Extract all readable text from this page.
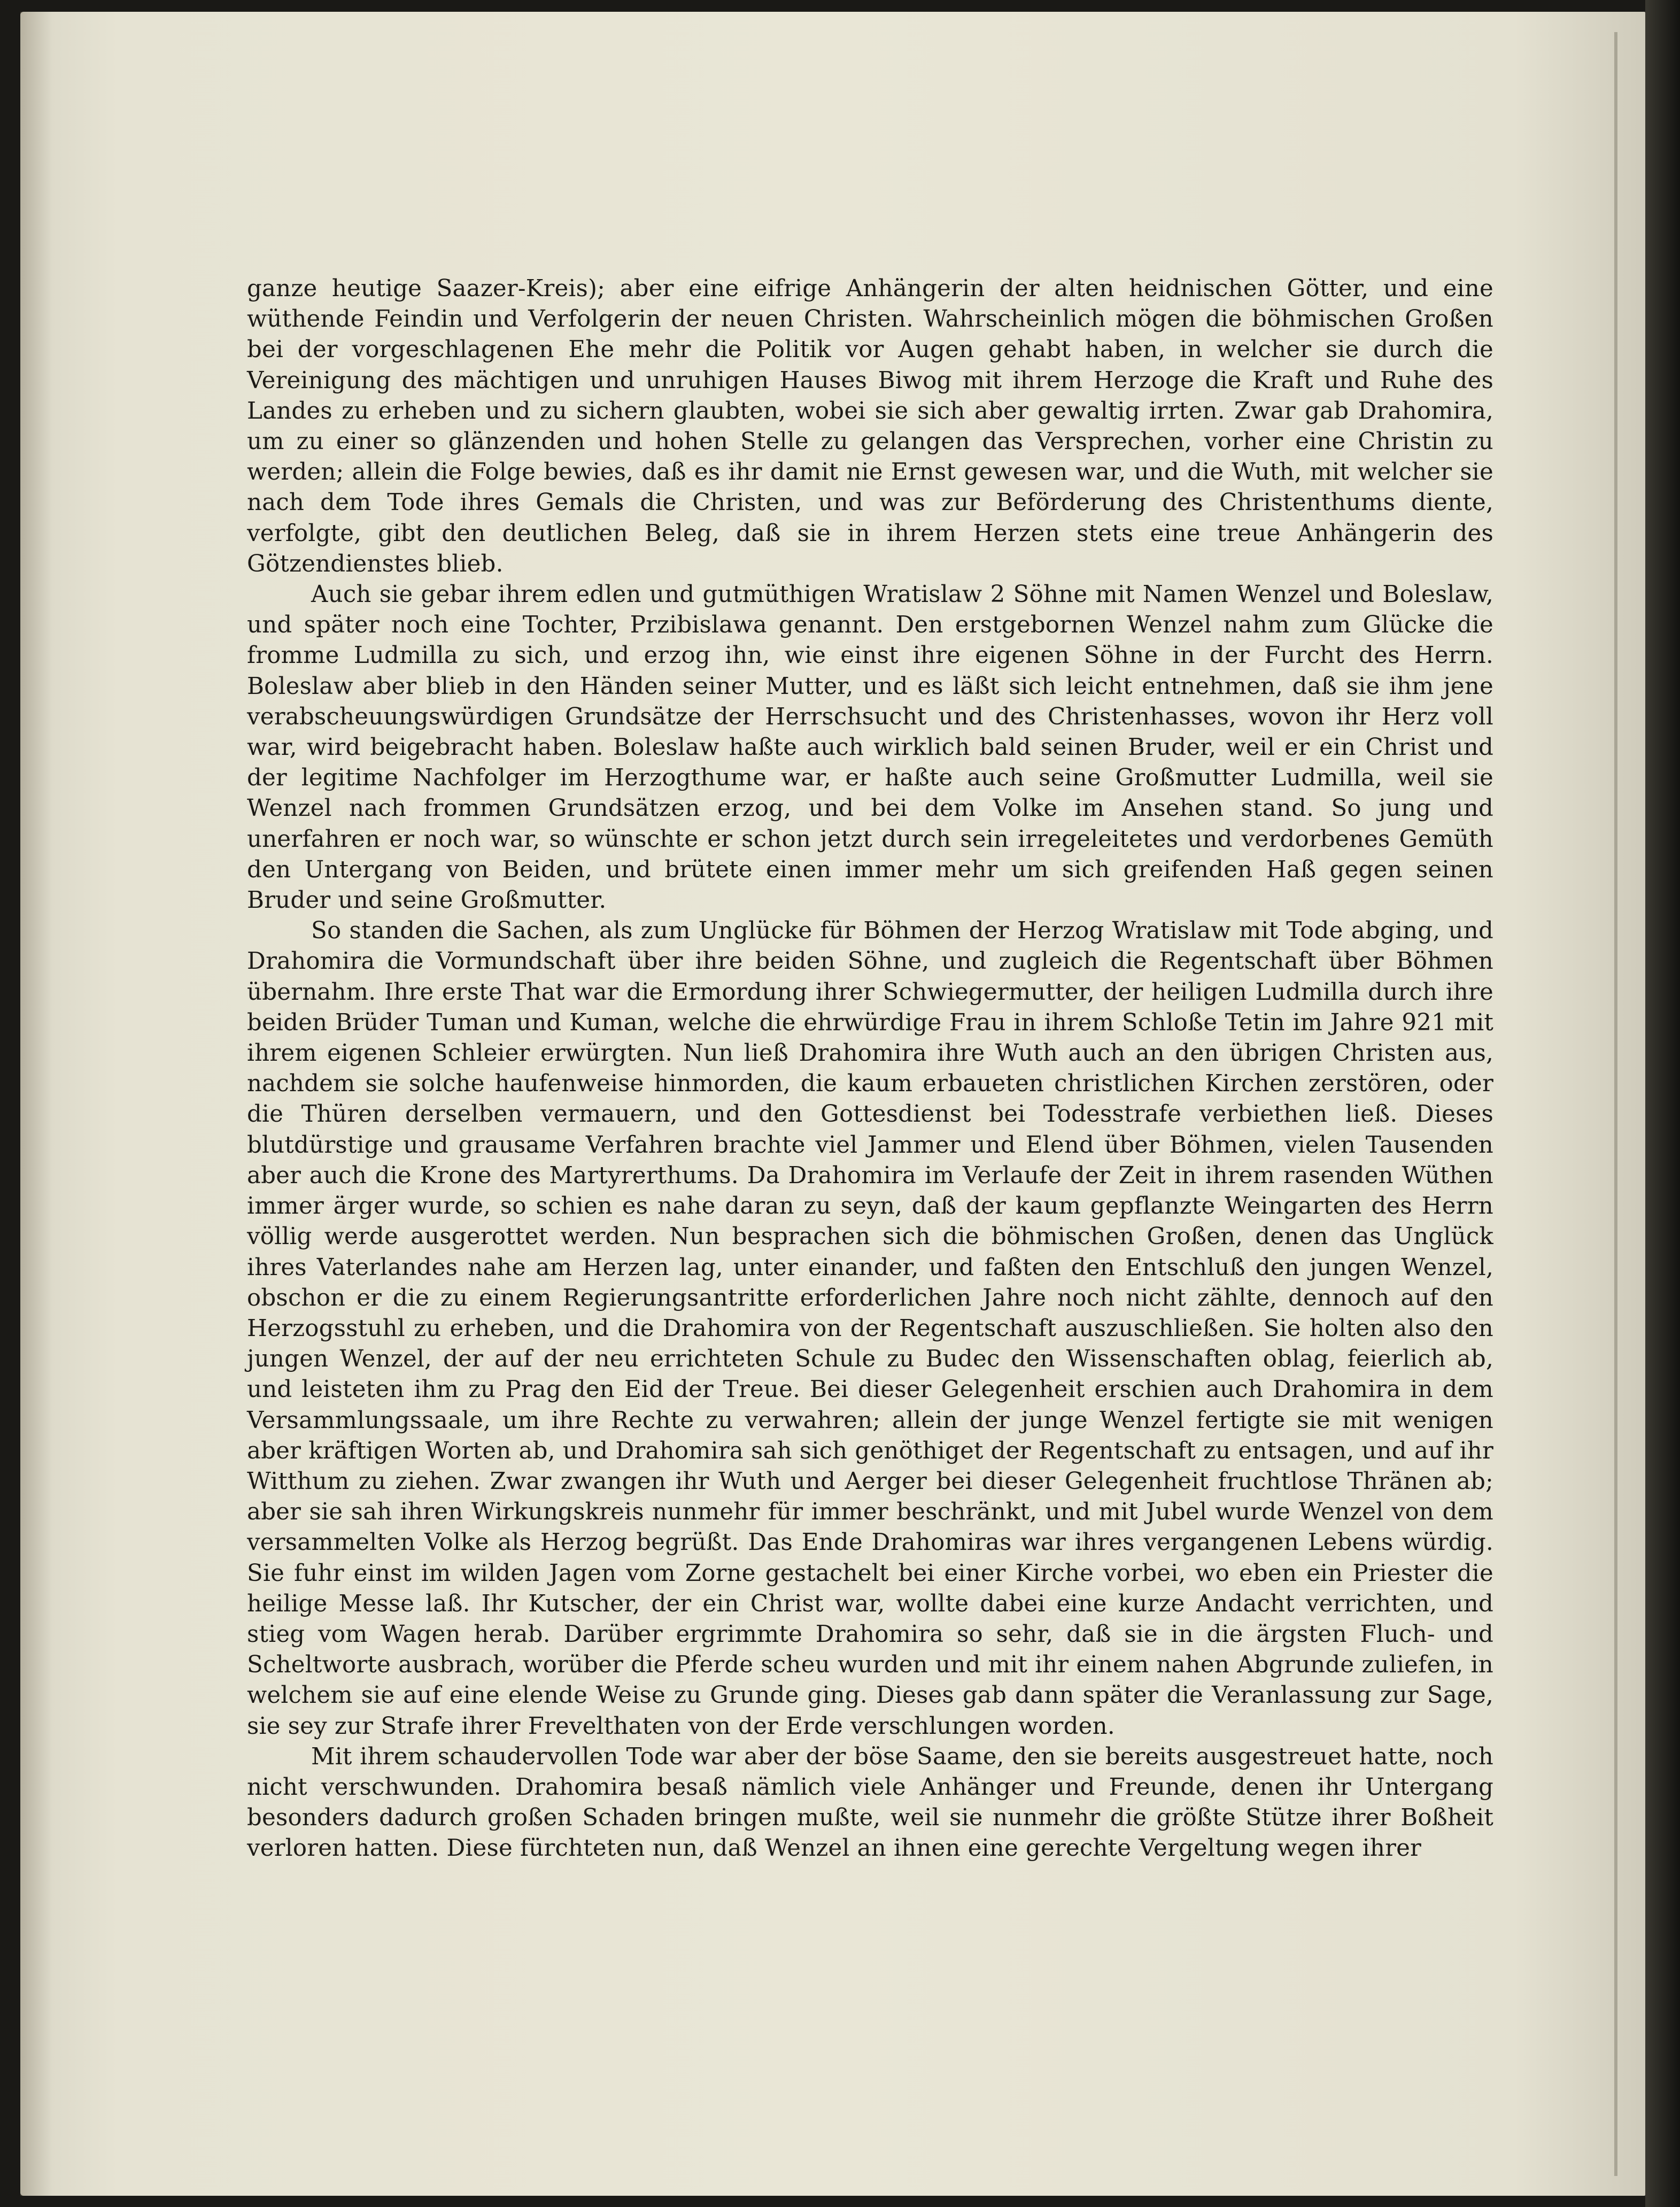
ganze heutige Saazer-Kreis); aber eine eifrige Anhängerin der alten heidnischen Götter, und eine wüthende Feindin und Verfolgerin der neuen Christen. Wahrscheinlich mögen die böhmischen Großen bei der vorgeschlagenen Ehe mehr die Politik vor Augen gehabt haben, in welcher sie durch die Vereinigung des mächtigen und unruhigen Hauses Biwog mit ihrem Herzoge die Kraft und Ruhe des Landes zu erheben und zu sichern glaubten, wobei sie sich aber gewaltig irrten. Zwar gab Drahomira, um zu einer so glänzenden und hohen Stelle zu gelangen das Versprechen, vorher eine Christin zu werden; allein die Folge bewies, daß es ihr damit nie Ernst gewesen war, und die Wuth, mit welcher sie nach dem Tode ihres Gemals die Christen, und was zur Beförderung des Christenthums diente, verfolgte, gibt den deutlichen Beleg, daß sie in ihrem Herzen stets eine treue Anhängerin des Götzendienstes blieb.

Auch sie gebar ihrem edlen und gutmüthigen Wratislaw 2 Söhne mit Namen Wenzel und Boleslaw, und später noch eine Tochter, Przibislawa genannt. Den erstgebornen Wenzel nahm zum Glücke die fromme Ludmilla zu sich, und erzog ihn, wie einst ihre eigenen Söhne in der Furcht des Herrn. Boleslaw aber blieb in den Händen seiner Mutter, und es läßt sich leicht entnehmen, daß sie ihm jene verabscheuungswürdigen Grundsätze der Herrschsucht und des Christenhasses, wovon ihr Herz voll war, wird beigebracht haben. Boleslaw haßte auch wirklich bald seinen Bruder, weil er ein Christ und der legitime Nachfolger im Herzogthume war, er haßte auch seine Großmutter Ludmilla, weil sie Wenzel nach frommen Grundsätzen erzog, und bei dem Volke im Ansehen stand. So jung und unerfahren er noch war, so wünschte er schon jetzt durch sein irregeleitetes und verdorbenes Gemüth den Untergang von Beiden, und brütete einen immer mehr um sich greifenden Haß gegen seinen Bruder und seine Großmutter.

So standen die Sachen, als zum Unglücke für Böhmen der Herzog Wratislaw mit Tode abging, und Drahomira die Vormundschaft über ihre beiden Söhne, und zugleich die Regentschaft über Böhmen übernahm. Ihre erste That war die Ermordung ihrer Schwiegermutter, der heiligen Ludmilla durch ihre beiden Brüder Tuman und Kuman, welche die ehrwürdige Frau in ihrem Schloße Tetin im Jahre 921 mit ihrem eigenen Schleier erwürgten. Nun ließ Drahomira ihre Wuth auch an den übrigen Christen aus, nachdem sie solche haufenweise hinmorden, die kaum erbaueten christlichen Kirchen zerstören, oder die Thüren derselben vermauern, und den Gottesdienst bei Todesstrafe verbiethen ließ. Dieses blutdürstige und grausame Verfahren brachte viel Jammer und Elend über Böhmen, vielen Tausenden aber auch die Krone des Martyrerthums. Da Drahomira im Verlaufe der Zeit in ihrem rasenden Wüthen immer ärger wurde, so schien es nahe daran zu seyn, daß der kaum gepflanzte Weingarten des Herrn völlig werde ausgerottet werden. Nun besprachen sich die böhmischen Großen, denen das Unglück ihres Vaterlandes nahe am Herzen lag, unter einander, und faßten den Entschluß den jungen Wenzel, obschon er die zu einem Regierungsantritte erforderlichen Jahre noch nicht zählte, dennoch auf den Herzogsstuhl zu erheben, und die Drahomira von der Regentschaft auszuschließen. Sie holten also den jungen Wenzel, der auf der neu errichteten Schule zu Budec den Wissenschaften oblag, feierlich ab, und leisteten ihm zu Prag den Eid der Treue. Bei dieser Gelegenheit erschien auch Drahomira in dem Versammlungssaale, um ihre Rechte zu verwahren; allein der junge Wenzel fertigte sie mit wenigen aber kräftigen Worten ab, und Drahomira sah sich genöthiget der Regentschaft zu entsagen, und auf ihr Witthum zu ziehen. Zwar zwangen ihr Wuth und Aerger bei dieser Gelegenheit fruchtlose Thränen ab; aber sie sah ihren Wirkungskreis nunmehr für immer beschränkt, und mit Jubel wurde Wenzel von dem versammelten Volke als Herzog begrüßt. Das Ende Drahomiras war ihres vergangenen Lebens würdig. Sie fuhr einst im wilden Jagen vom Zorne gestachelt bei einer Kirche vorbei, wo eben ein Priester die heilige Messe laß. Ihr Kutscher, der ein Christ war, wollte dabei eine kurze Andacht verrichten, und stieg vom Wagen herab. Darüber ergrimmte Drahomira so sehr, daß sie in die ärgsten Fluch- und Scheltworte ausbrach, worüber die Pferde scheu wurden und mit ihr einem nahen Abgrunde zuliefen, in welchem sie auf eine elende Weise zu Grunde ging. Dieses gab dann später die Veranlassung zur Sage, sie sey zur Strafe ihrer Frevelthaten von der Erde verschlungen worden.

Mit ihrem schaudervollen Tode war aber der böse Saame, den sie bereits ausgestreuet hatte, noch nicht verschwunden. Drahomira besaß nämlich viele Anhänger und Freunde, denen ihr Untergang besonders dadurch großen Schaden bringen mußte, weil sie nunmehr die größte Stütze ihrer Boßheit verloren hatten. Diese fürchteten nun, daß Wenzel an ihnen eine gerechte Vergeltung wegen ihrer
